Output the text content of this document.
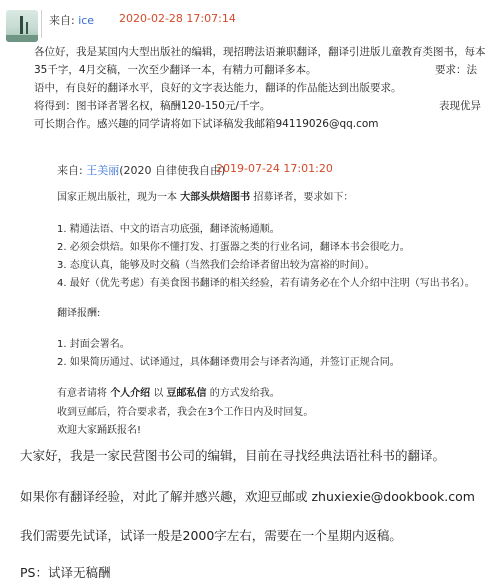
来自: ice 2020-02-28 17:07:14
各位好，我是某国内大型出版社的编辑，现招聘法语兼职翻译，翻译引进版儿童教育类图书，每本
35千字，4月交稿，一次至少翻译一本，有精力可翻译多本。	要求：法
语中，有良好的翻译水平，良好的文字表达能力，翻译的作品能达到出版要求。
将得到：图书译者署名权，稿酬120-150元/千字。	表现优异
可长期合作。感兴趣的同学请将如下试译稿发我邮箱94119026@qq.com
来自: 王美丽(2020 自律使我自由)
2019-07-24 17:01:20
国家正规出版社，现为一本 大部头烘焙图书 招募译者，要求如下：
1. 精通法语、中文的语言功底强，翻译流畅通顺。
2. 必须会烘焙。如果你不懂打发、打蛋器之类的行业名词，翻译本书会很吃力。
3. 态度认真，能够及时交稿（当然我们会给译者留出较为富裕的时间）。
4. 最好（优先考虑）有美食图书翻译的相关经验，若有请务必在个人介绍中注明（写出书名）。
翻译报酬:
1. 封面会署名。
2. 如果简历通过、试译通过，具体翻译费用会与译者沟通，并签订正规合同。
有意者请将 个人介绍 以 豆邮私信 的方式发给我。
收到豆邮后，符合要求者，我会在3个工作日内及时回复。
欢迎大家踊跃报名!
大家好，我是一家民营图书公司的编辑，目前在寻找经典法语社科书的翻译。
如果你有翻译经验，对此了解并感兴趣，欢迎豆邮或 zhuxiexie@dookbook.com
我们需要先试译，试译一般是2000字左右，需要在一个星期内返稿。
PS：试译无稿酬
